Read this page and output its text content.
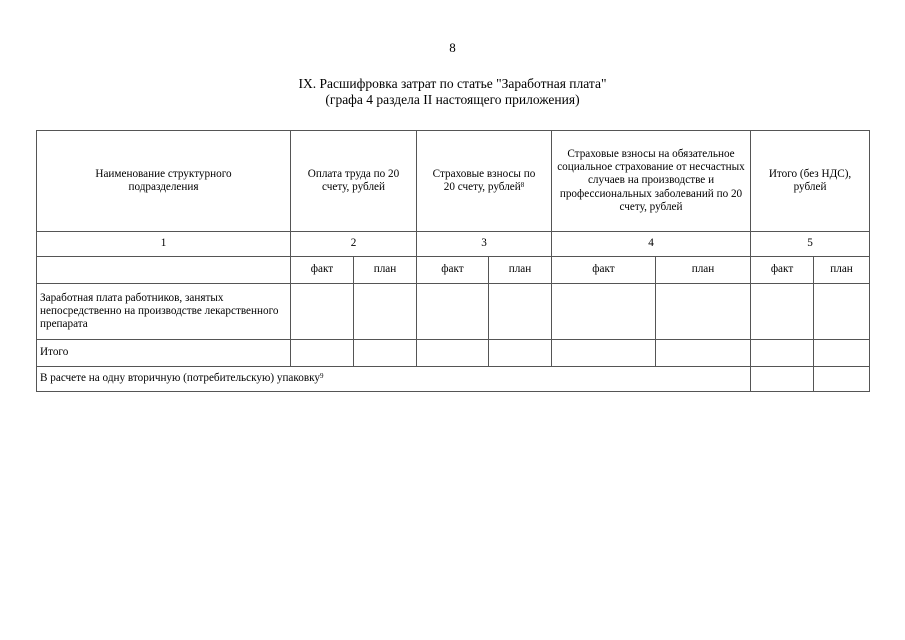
8
IX. Расшифровка затрат по статье "Заработная плата"
(графа 4 раздела II настоящего приложения)
Наименование структурного подразделения	Оплата труда по 20 счету, рублей		Страховые взносы по 20 счету, рублей$^8$		Страховые взносы на обязательное социальное страхование от несчастных случаев на производстве и профессиональных заболеваний по 20 счету, рублей		Итого (без НДС), рублей	

1	2		3		4		5	
	факт	план	факт	план	факт	план	факт	план
Заработная плата работников, занятых непосредственно на производстве лекарственного препарата								
Итого								
В расчете на одну вторичную (потребительскую) упаковку$^9$		
